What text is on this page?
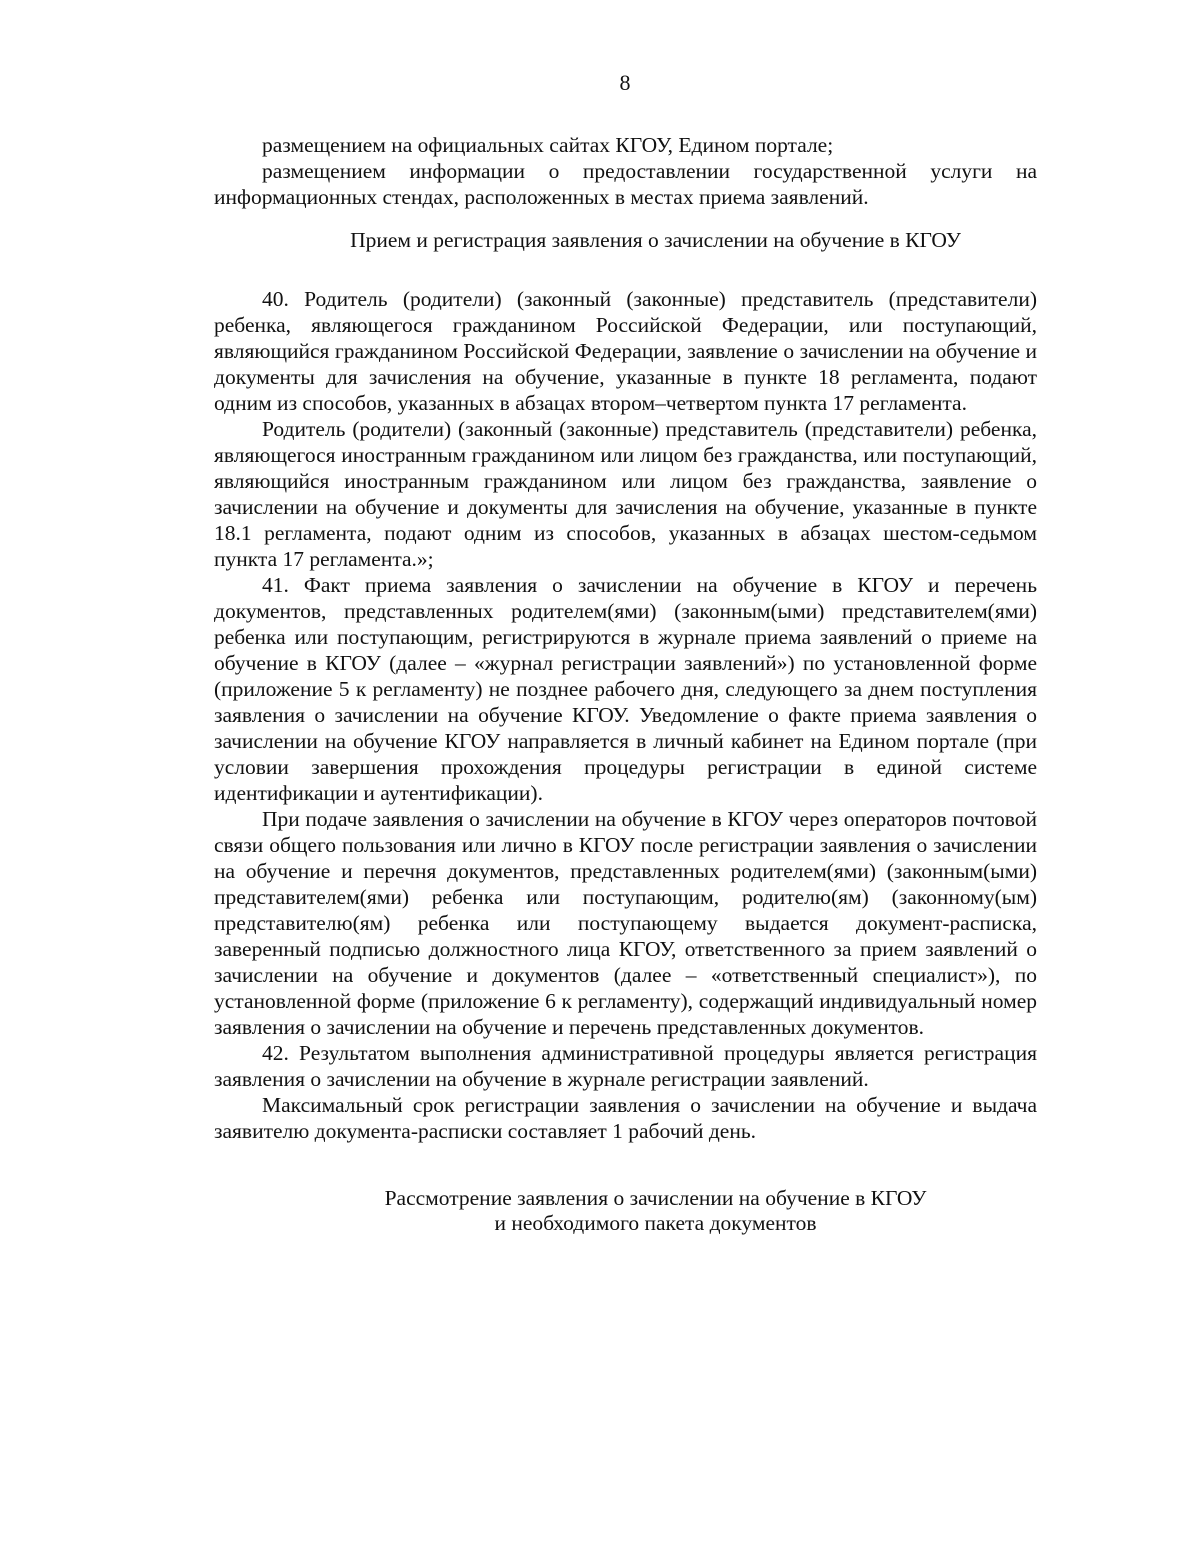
8

размещением на официальных сайтах КГОУ, Едином портале;

размещением информации о предоставлении государственной услуги на информационных стендах, расположенных в местах приема заявлений.

Прием и регистрация заявления о зачислении на обучение в КГОУ

40. Родитель (родители) (законный (законные) представитель (представители) ребенка, являющегося гражданином Российской Федерации, или поступающий, являющийся гражданином Российской Федерации, заявление о зачислении на обучение и документы для зачисления на обучение, указанные в пункте 18 регламента, подают одним из способов, указанных в абзацах втором–четвертом пункта 17 регламента.

Родитель (родители) (законный (законные) представитель (представители) ребенка, являющегося иностранным гражданином или лицом без гражданства, или поступающий, являющийся иностранным гражданином или лицом без гражданства, заявление о зачислении на обучение и документы для зачисления на обучение, указанные в пункте 18.1 регламента, подают одним из способов, указанных в абзацах шестом-седьмом пункта 17 регламента.»;

41. Факт приема заявления о зачислении на обучение в КГОУ и перечень документов, представленных родителем(ями) (законным(ыми) представителем(ями) ребенка или поступающим, регистрируются в журнале приема заявлений о приеме на обучение в КГОУ (далее – «журнал регистрации заявлений») по установленной форме (приложение 5 к регламенту) не позднее рабочего дня, следующего за днем поступления заявления о зачислении на обучение КГОУ. Уведомление о факте приема заявления о зачислении на обучение КГОУ направляется в личный кабинет на Едином портале (при условии завершения прохождения процедуры регистрации в единой системе идентификации и аутентификации).

При подаче заявления о зачислении на обучение в КГОУ через операторов почтовой связи общего пользования или лично в КГОУ после регистрации заявления о зачислении на обучение и перечня документов, представленных родителем(ями) (законным(ыми) представителем(ями) ребенка или поступающим, родителю(ям) (законному(ым) представителю(ям) ребенка или поступающему выдается документ-расписка, заверенный подписью должностного лица КГОУ, ответственного за прием заявлений о зачислении на обучение и документов (далее – «ответственный специалист»), по установленной форме (приложение 6 к регламенту), содержащий индивидуальный номер заявления о зачислении на обучение и перечень представленных документов.

42. Результатом выполнения административной процедуры является регистрация заявления о зачислении на обучение в журнале регистрации заявлений.

Максимальный срок регистрации заявления о зачислении на обучение и выдача заявителю документа-расписки составляет 1 рабочий день.

Рассмотрение заявления о зачислении на обучение в КГОУ
и необходимого пакета документов
